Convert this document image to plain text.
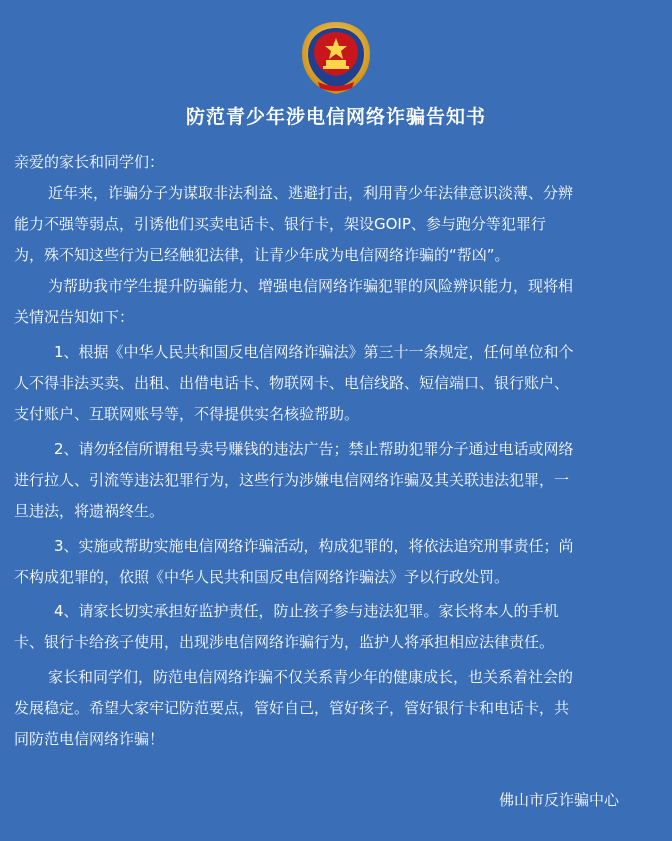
防范青少年涉电信网络诈骗告知书
亲爱的家长和同学们：
近年来，诈骗分子为谋取非法利益、逃避打击，利用青少年法律意识淡薄、分辨
能力不强等弱点，引诱他们买卖电话卡、银行卡，架设GOIP、参与跑分等犯罪行
为，殊不知这些行为已经触犯法律，让青少年成为电信网络诈骗的“帮凶”。
为帮助我市学生提升防骗能力、增强电信网络诈骗犯罪的风险辨识能力，现将相
关情况告知如下：
1、根据《中华人民共和国反电信网络诈骗法》第三十一条规定，任何单位和个
人不得非法买卖、出租、出借电话卡、物联网卡、电信线路、短信端口、银行账户、
支付账户、互联网账号等，不得提供实名核验帮助。
2、请勿轻信所谓租号卖号赚钱的违法广告；禁止帮助犯罪分子通过电话或网络
进行拉人、引流等违法犯罪行为，这些行为涉嫌电信网络诈骗及其关联违法犯罪，一
旦违法，将遗祸终生。
3、实施或帮助实施电信网络诈骗活动，构成犯罪的，将依法追究刑事责任；尚
不构成犯罪的，依照《中华人民共和国反电信网络诈骗法》予以行政处罚。
4、请家长切实承担好监护责任，防止孩子参与违法犯罪。家长将本人的手机
卡、银行卡给孩子使用，出现涉电信网络诈骗行为，监护人将承担相应法律责任。
家长和同学们，防范电信网络诈骗不仅关系青少年的健康成长，也关系着社会的
发展稳定。希望大家牢记防范要点，管好自己，管好孩子，管好银行卡和电话卡，共
同防范电信网络诈骗！
佛山市反诈骗中心
